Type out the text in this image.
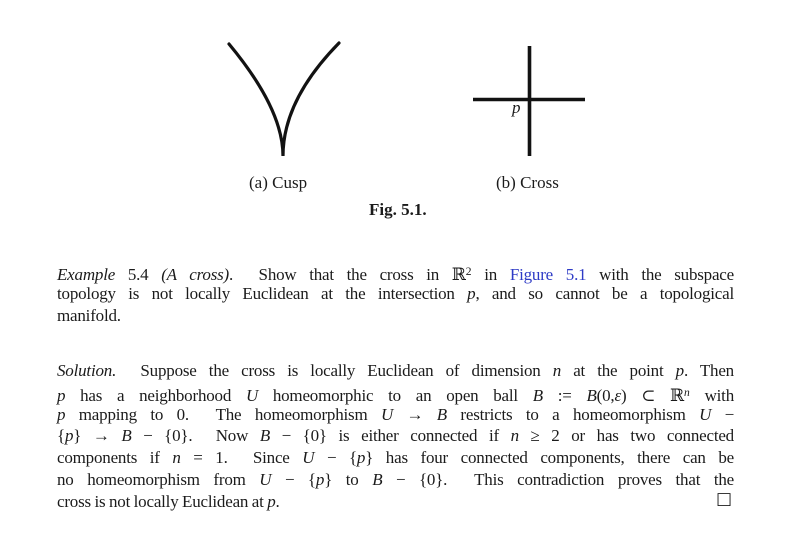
p
(a) Cusp	(b) Cross
Fig. 5.1.
Example 5.4 (A cross).  Show that the cross in ℝ$^2$ in Figure 5.1 with the subspace
topology is not locally Euclidean at the intersection p, and so cannot be a topological
manifold.
Solution.  Suppose the cross is locally Euclidean of dimension n at the point p. Then
p has a neighborhood U homeomorphic to an open ball B := B(0,ε) ⊂ ℝ$^n$ with
p mapping to 0.  The homeomorphism U → B restricts to a homeomorphism U −
{p} → B − {0}.  Now B − {0} is either connected if n ≥ 2 or has two connected
components if n = 1.  Since U − {p} has four connected components, there can be
no homeomorphism from U − {p} to B − {0}.  This contradiction proves that the
cross is not locally Euclidean at p.	□
